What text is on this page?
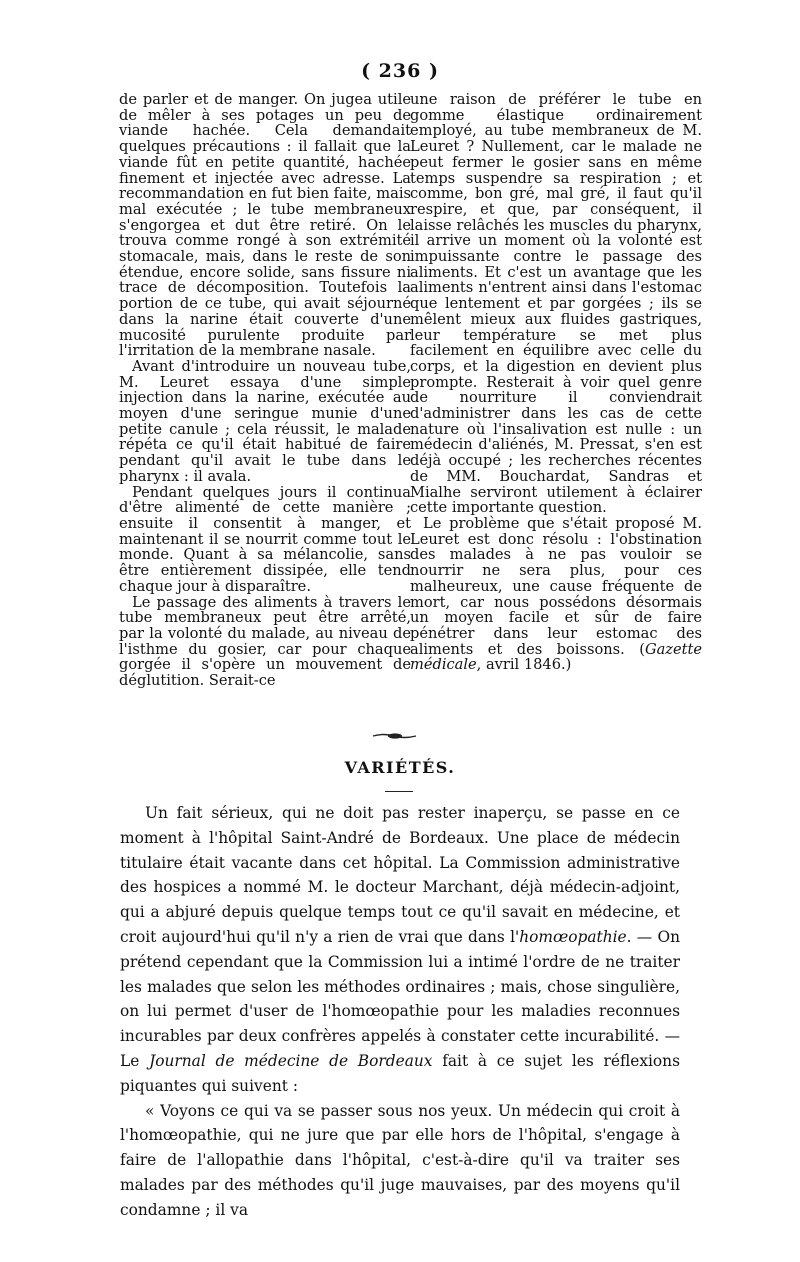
( 236 )

de parler et de manger. On jugea utile de mêler à ses potages un peu de viande hachée. Cela demandait quelques précautions : il fallait que la viande fût en petite quantité, hachée finement et injectée avec adresse. La recommandation en fut bien faite, mais mal exécutée ; le tube membraneux s'engorgea et dut être retiré. On le trouva comme rongé à son extrémité stomacale, mais, dans le reste de son étendue, encore solide, sans fissure ni trace de décomposition. Toutefois la portion de ce tube, qui avait séjourné dans la narine était couverte d'une mucosité purulente produite par l'irritation de la membrane nasale.

Avant d'introduire un nouveau tube, M. Leuret essaya d'une simple injection dans la narine, exécutée au moyen d'une seringue munie d'une petite canule ; cela réussit, le malade répéta ce qu'il était habitué de faire pendant qu'il avait le tube dans le pharynx : il avala.

Pendant quelques jours il continua d'être alimenté de cette manière ; ensuite il consentit à manger, et maintenant il se nourrit comme tout le monde. Quant à sa mélancolie, sans être entièrement dissipée, elle tend chaque jour à disparaître.

Le passage des aliments à travers le tube membraneux peut être arrêté, par la volonté du malade, au niveau de l'isthme du gosier, car pour chaque gorgée il s'opère un mouvement de déglutition. Serait-ce

une raison de préférer le tube en gomme élastique ordinairement employé, au tube membraneux de M. Leuret ? Nullement, car le malade ne peut fermer le gosier sans en même temps suspendre sa respiration ; et comme, bon gré, mal gré, il faut qu'il respire, et que, par conséquent, il laisse relâchés les muscles du pharynx, il arrive un moment où la volonté est impuissante contre le passage des aliments. Et c'est un avantage que les aliments n'entrent ainsi dans l'estomac que lentement et par gorgées ; ils se mêlent mieux aux fluides gastriques, leur température se met plus facilement en équilibre avec celle du corps, et la digestion en devient plus prompte. Resterait à voir quel genre de nourriture il conviendrait d'administrer dans les cas de cette nature où l'insalivation est nulle : un médecin d'aliénés, M. Pressat, s'en est déjà occupé ; les recherches récentes de MM. Bouchardat, Sandras et Mialhe serviront utilement à éclairer cette importante question.

Le problème que s'était proposé M. Leuret est donc résolu : l'obstination des malades à ne pas vouloir se nourrir ne sera plus, pour ces malheureux, une cause fréquente de mort, car nous possédons désormais un moyen facile et sûr de faire pénétrer dans leur estomac des aliments et des boissons. (Gazette médicale, avril 1846.)

VARIÉTÉS.

Un fait sérieux, qui ne doit pas rester inaperçu, se passe en ce moment à l'hôpital Saint-André de Bordeaux. Une place de médecin titulaire était vacante dans cet hôpital. La Commission administrative des hospices a nommé M. le docteur Marchant, déjà médecin-adjoint, qui a abjuré depuis quelque temps tout ce qu'il savait en médecine, et croit aujourd'hui qu'il n'y a rien de vrai que dans l'homœopathie. — On prétend cependant que la Commission lui a intimé l'ordre de ne traiter les malades que selon les méthodes ordinaires ; mais, chose singulière, on lui permet d'user de l'homœopathie pour les maladies reconnues incurables par deux confrères appelés à constater cette incurabilité. — Le Journal de médecine de Bordeaux fait à ce sujet les réflexions piquantes qui suivent :

« Voyons ce qui va se passer sous nos yeux. Un médecin qui croit à l'homœopathie, qui ne jure que par elle hors de l'hôpital, s'engage à faire de l'allopathie dans l'hôpital, c'est-à-dire qu'il va traiter ses malades par des méthodes qu'il juge mauvaises, par des moyens qu'il condamne ; il va
